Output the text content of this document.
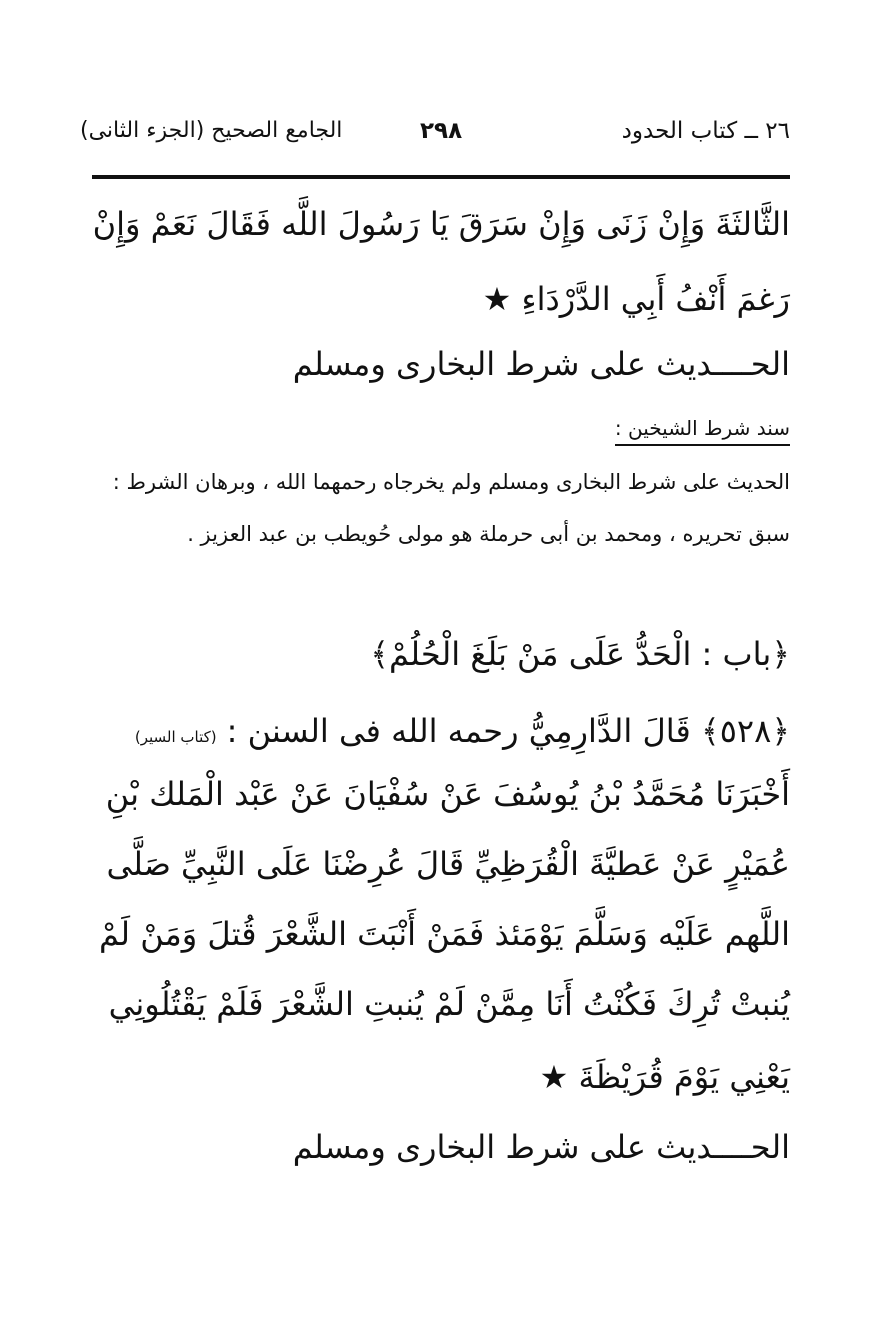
٢٦ ــ كتاب الحدود
٢٩٨
الجامع الصحيح (الجزء الثانى)
الثَّالثَةَ وَإِنْ زَنَى وَإِنْ سَرَقَ يَا رَسُولَ اللَّه فَقَالَ نَعَمْ وَإِنْ
رَغمَ أَنْفُ أَبِي الدَّرْدَاءِ ★
الحــــديث على شرط البخارى ومسلم
سند شرط الشيخين :
الحديث على شرط البخارى ومسلم ولم يخرجاه رحمهما الله ، وبرهان الشرط :
سبق تحريره ، ومحمد بن أبى حرملة هو مولى حُويطب بن عبد العزيز .
﴿باب : الْحَدُّ عَلَى مَنْ بَلَغَ الْحُلُمْ﴾
﴿٥٢٨﴾ قَالَ الدَّارِمِيُّ رحمه الله فى السنن :(كتاب السير)
أَخْبَرَنَا مُحَمَّدُ بْنُ يُوسُفَ عَنْ سُفْيَانَ عَنْ عَبْد الْمَلك بْنِ
عُمَيْرٍ عَنْ عَطيَّةَ الْقُرَظِيِّ قَالَ عُرِضْنَا عَلَى النَّبِيِّ صَلَّى
اللَّهم عَلَيْه وَسَلَّمَ يَوْمَئذ فَمَنْ أَنْبَتَ الشَّعْرَ قُتلَ وَمَنْ لَمْ
يُنبتْ تُرِكَ فَكُنْتُ أَنَا مِمَّنْ لَمْ يُنبتِ الشَّعْرَ فَلَمْ يَقْتُلُونِي
يَعْنِي يَوْمَ قُرَيْظَةَ ★
الحــــديث على شرط البخارى ومسلم
